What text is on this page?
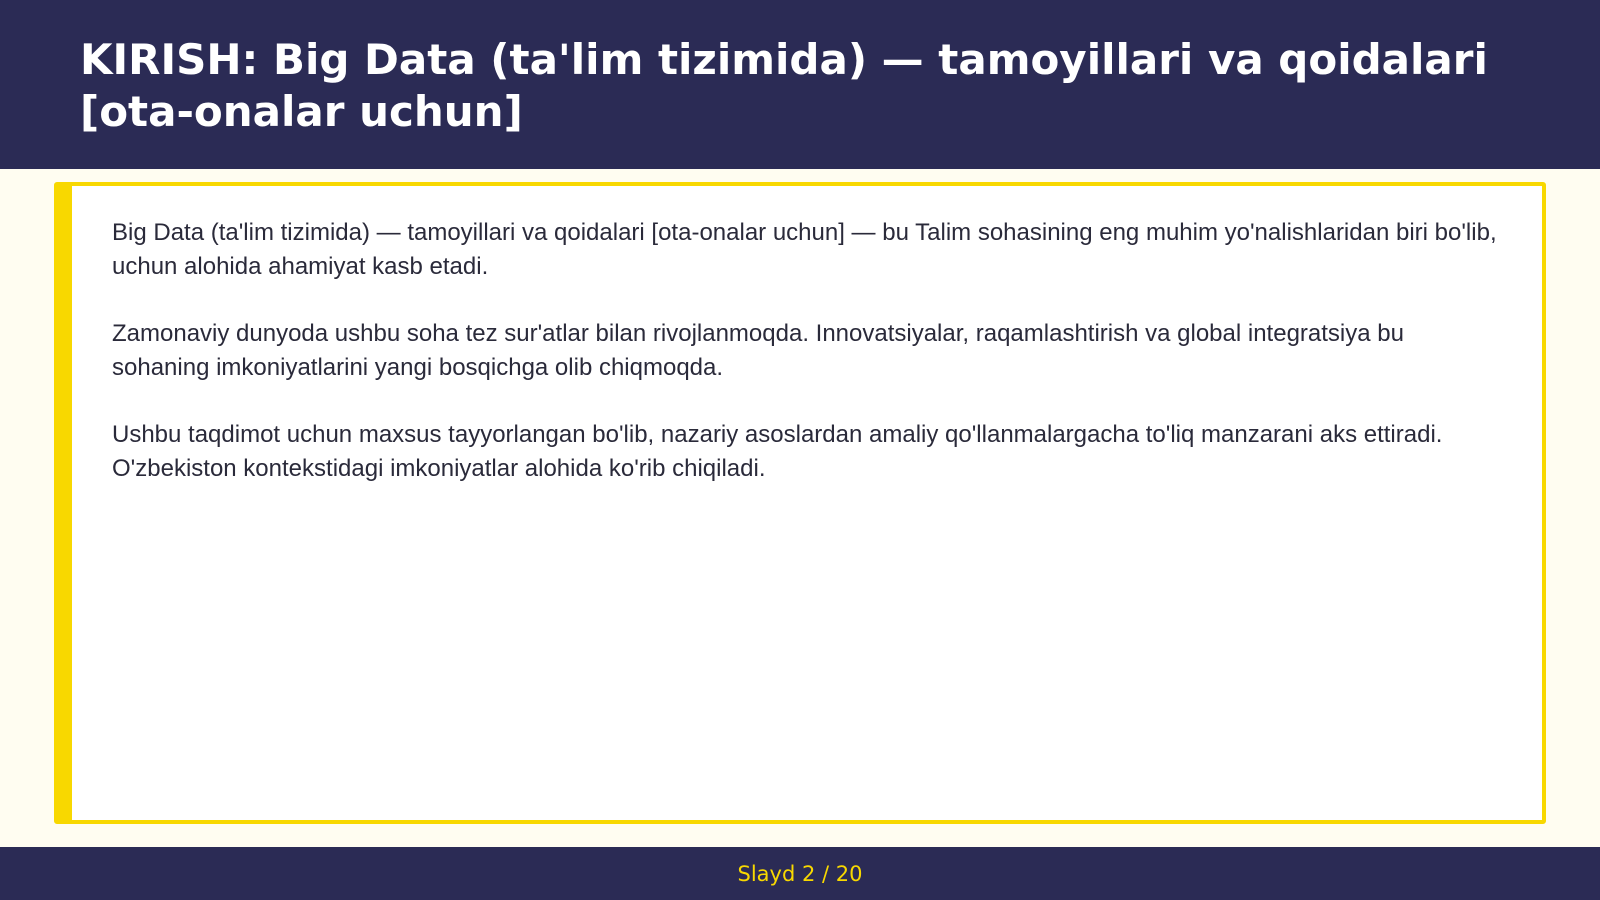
KIRISH: Big Data (ta'lim tizimida) — tamoyillari va qoidalari [ota-onalar uchun]

Big Data (ta'lim tizimida) — tamoyillari va qoidalari [ota-onalar uchun] — bu Talim sohasining eng muhim yo'nalishlaridan biri bo'lib, uchun alohida ahamiyat kasb etadi.

Zamonaviy dunyoda ushbu soha tez sur'atlar bilan rivojlanmoqda. Innovatsiyalar, raqamlashtirish va global integratsiya bu sohaning imkoniyatlarini yangi bosqichga olib chiqmoqda.

Ushbu taqdimot uchun maxsus tayyorlangan bo'lib, nazariy asoslardan amaliy qo'llanmalargacha to'liq manzarani aks ettiradi. O'zbekiston kontekstidagi imkoniyatlar alohida ko'rib chiqiladi.

Slayd 2 / 20
